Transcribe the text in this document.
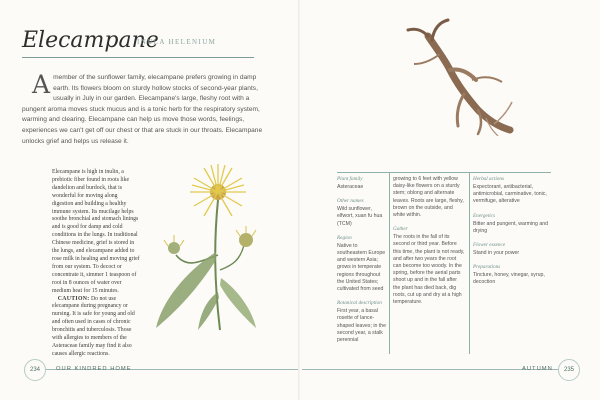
Elecampane
INULA HELENIUM
Amember of the sunflower family, elecampane prefers growing in damp earth. Its flowers bloom on sturdy hollow stocks of second-year plants, usually in July in our garden. Elecampane's large, fleshy root with a pungent aroma moves stuck mucus and is a tonic herb for the respiratory system, warming and clearing. Elecampane can help us move those words, feelings, experiences we can't get off our chest or that are stuck in our throats. Elecampane unlocks grief and helps us release it.
Elecampane is high in inulin, a prebiotic fiber found in roots like dandelion and burdock, that is wonderful for moving along digestion and building a healthy immune system. Its mucilage helps soothe bronchial and stomach linings and is good for damp and cold conditions in the lungs. In traditional Chinese medicine, grief is stored in the lungs, and elecampane added to rose milk in healing and moving grief from our system. To decoct or concentrate it, simmer 1 teaspoon of root in 8 ounces of water over medium heat for 15 minutes.
CAUTION: Do not use elecampane during pregnancy or nursing. It is safe for young and old and often used in cases of chronic bronchitis and tuberculosis. Those with allergies to members of the Asteraceae family may find it also causes allergic reactions.
234	OUR KINDRED HOME	AUTUMN	235

Plant family

Asteraceae

Other names

Wild sunflower, elfwort, xuan fu hua (TCM)

Region

Native to southeastern Europe and western Asia; grows in temperate regions throughout the United States; cultivated from seed

Botanical description

First year, a basal rosette of lance-shaped leaves; in the second year, a stalk perennial

growing to 6 feet with yellow daisy-like flowers on a sturdy stem; oblong and alternate leaves. Roots are large, fleshy, brown on the outside, and white within.

Gather

The roots in the fall of its second or third year. Before this time, the plant is not ready, and after two years the root can become too woody. In the spring, before the aerial parts shoot up and in the fall after the plant has died back, dig roots, cut up and dry at a high temperature.

Herbal actions

Expectorant, antibacterial, antimicrobial, carminative, tonic, vermifuge, alterative

Energetics

Bitter and pungent, warming and drying

Flower essence

Stand in your power

Preparations

Tincture, honey, vinegar, syrup, decoction
